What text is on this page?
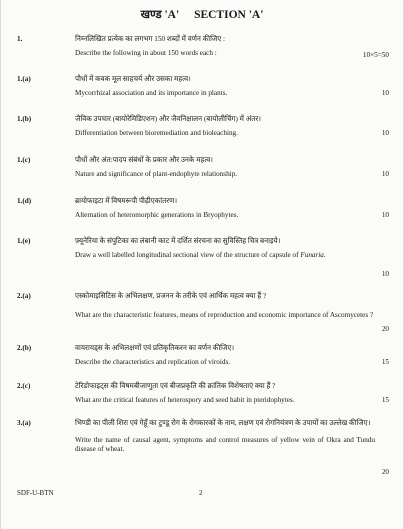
खण्ड 'A' SECTION 'A'
1.	निम्नलिखित प्रत्येक का लगभग 150 शब्दों में वर्णन कीजिए :
Describe the following in about 150 words each :	10×5=50
1.(a)	पौधों में कवक मूल साहचर्य और उसका महत्व।
Mycorrhizal association and its importance in plants.	10
1.(b)	जैविक उपचार (बायोरेमिडिएशन) और जैवनिक्षालन (बायोलीचिंग) में अंतर।
Differentiation between bioremediation and bioleaching.	10
1.(c)	पौधों और अंत:पादप संबंधों के प्रकार और उनके महत्व।
Nature and significance of plant-endophyte relationship.	10
1.(d)	ब्रायोफाइटा में विषमरूपी पीढ़ीएकांतरण।
Alternation of heteromorphic generations in Bryophytes.	10
1.(e)	फ़्यूनेरिया के संपुटिका का लंबानी काट में दर्शित संरचना का सुविस्तिह चित्र बनाइये।
Draw a well labelled longitudinal sectional view of the structure of capsule of Funaria.
10
2.(a)	एस्कोमाइसिटिस के अभिलक्षण, प्रजनन के तरीके एवं आर्थिक महत्व क्या हैं ?
What are the characteristic features, means of reproduction and economic importance of Ascomycetes ?
20
2.(b)	वायरायड्स के अभिलक्षणों एवं प्रतिकृतिकरन का वर्णन कीजिए।
Describe the characteristics and replication of viroids.	15
2.(c)	टेरिडोफाइट्स की विषमबीजाणुता एवं बीजप्रकृति की क्रांतिक विशेषताएं क्या हैं ?
What are the critical features of heterospory and seed habit in pteridophytes.	15
3.(a)	भिण्डी का पीली शिरा एवं गेहूँ का टुण्डू रोग के रोगकारकों के नाम, लक्षण एवं रोगनियंत्रण के उपायों का उल्लेख कीजिए।
Write the name of causal agent, symptoms and control measures of yellow vein of Okra and Tundu disease of wheat.
20
SDF-U-BTN	2
